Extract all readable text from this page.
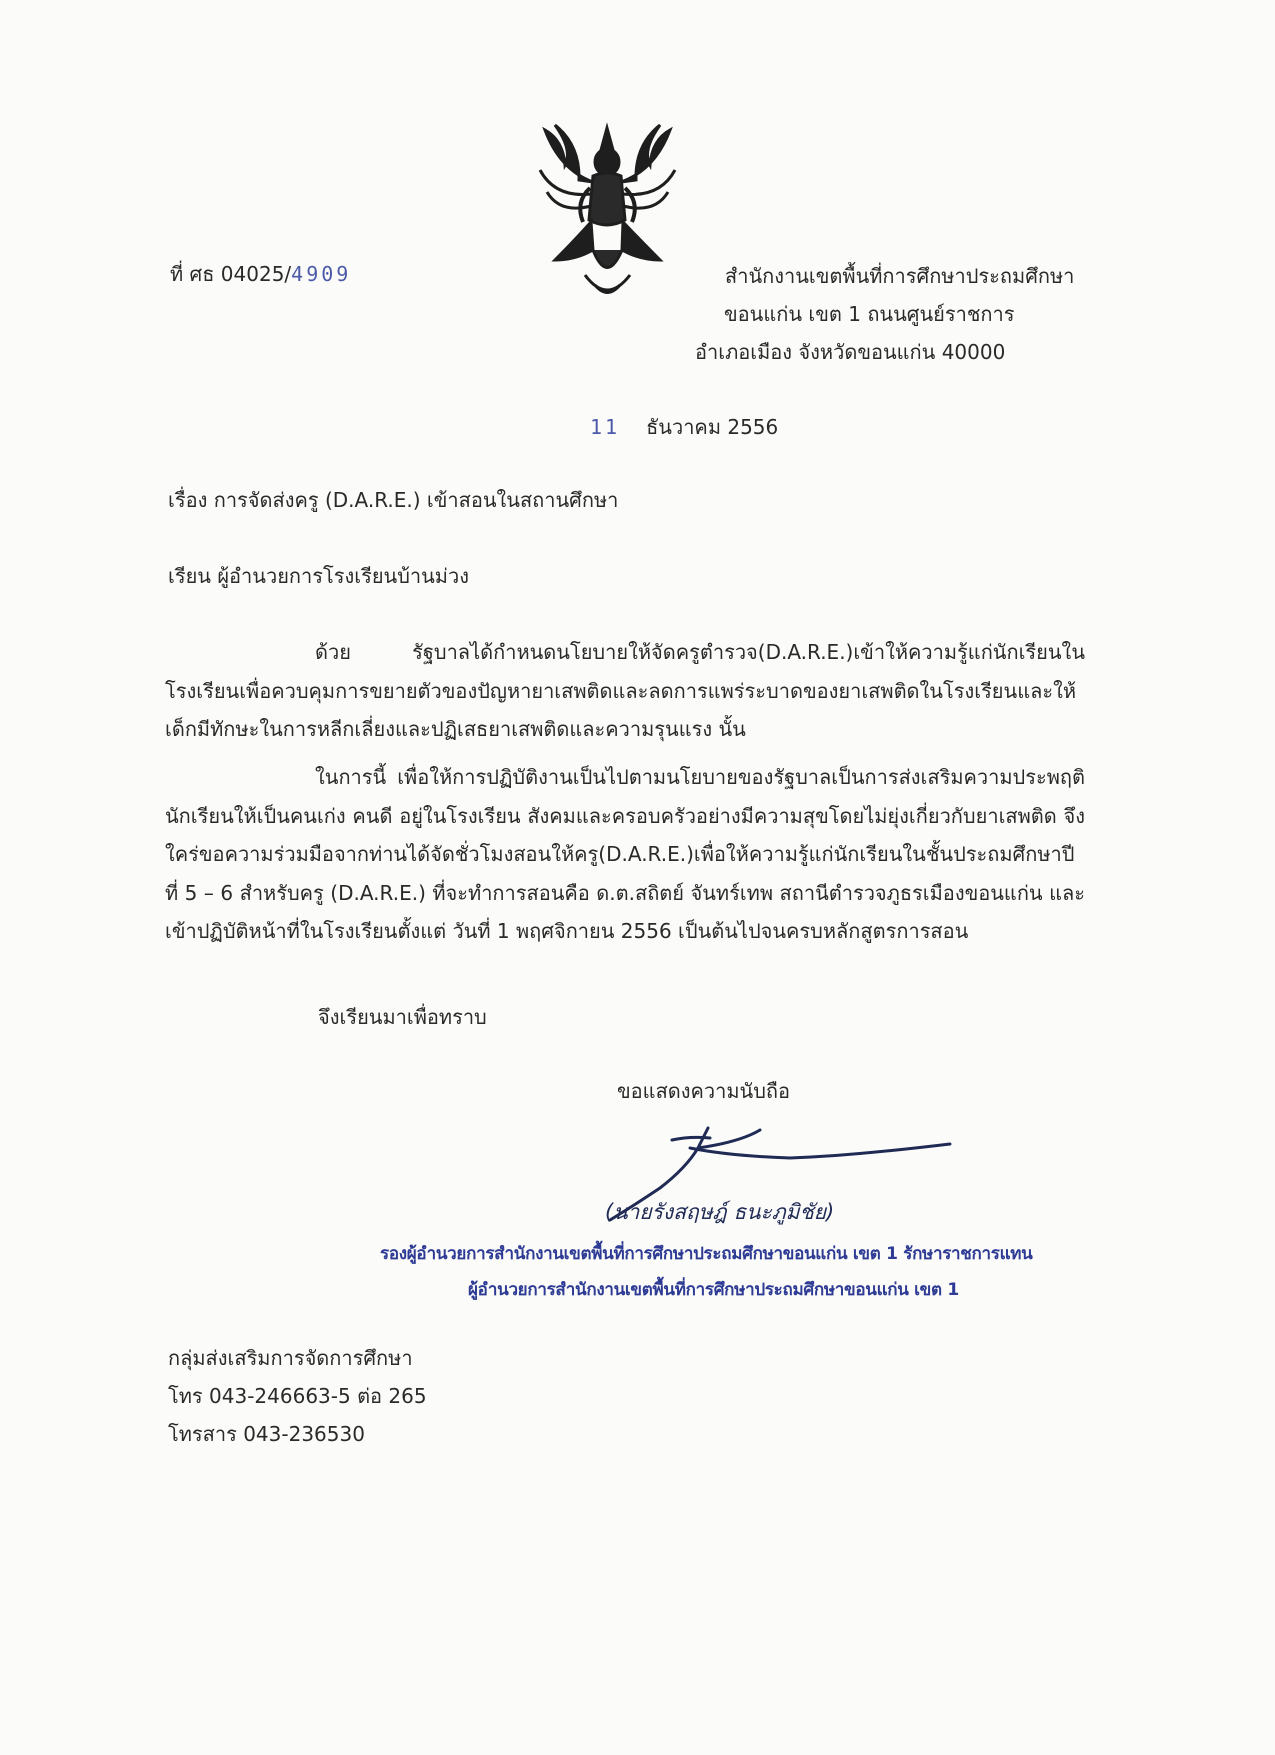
ที่ ศธ 04025/4909	สำนักงานเขตพื้นที่การศึกษาประถมศึกษา
ขอนแก่น เขต 1 ถนนศูนย์ราชการ
อำเภอเมือง จังหวัดขอนแก่น 40000
11 ธันวาคม 2556
เรื่อง การจัดส่งครู (D.A.R.E.) เข้าสอนในสถานศึกษา
เรียน ผู้อำนวยการโรงเรียนบ้านม่วง
ด้วย รัฐบาลได้กำหนดนโยบายให้จัดครูตำรวจ(D.A.R.E.)เข้าให้ความรู้แก่นักเรียนในโรงเรียนเพื่อควบคุมการขยายตัวของปัญหายาเสพติดและลดการแพร่ระบาดของยาเสพติดในโรงเรียนและให้เด็กมีทักษะในการหลีกเลี่ยงและปฏิเสธยาเสพติดและความรุนแรง นั้น
ในการนี้ เพื่อให้การปฏิบัติงานเป็นไปตามนโยบายของรัฐบาลเป็นการส่งเสริมความประพฤตินักเรียนให้เป็นคนเก่ง คนดี อยู่ในโรงเรียน สังคมและครอบครัวอย่างมีความสุขโดยไม่ยุ่งเกี่ยวกับยาเสพติด จึงใคร่ขอความร่วมมือจากท่านได้จัดชั่วโมงสอนให้ครู(D.A.R.E.)เพื่อให้ความรู้แก่นักเรียนในชั้นประถมศึกษาปีที่ 5 – 6 สำหรับครู (D.A.R.E.) ที่จะทำการสอนคือ ด.ต.สถิตย์ จันทร์เทพ สถานีตำรวจภูธรเมืองขอนแก่น และเข้าปฏิบัติหน้าที่ในโรงเรียนตั้งแต่ วันที่ 1 พฤศจิกายน 2556 เป็นต้นไปจนครบหลักสูตรการสอน
จึงเรียนมาเพื่อทราบ
ขอแสดงความนับถือ
(นายรังสฤษฎ์ ธนะภูมิชัย)
รองผู้อำนวยการสำนักงานเขตพื้นที่การศึกษาประถมศึกษาขอนแก่น เขต 1 รักษาราชการแทน
ผู้อำนวยการสำนักงานเขตพื้นที่การศึกษาประถมศึกษาขอนแก่น เขต 1
กลุ่มส่งเสริมการจัดการศึกษา
โทร 043-246663-5 ต่อ 265
โทรสาร 043-236530
